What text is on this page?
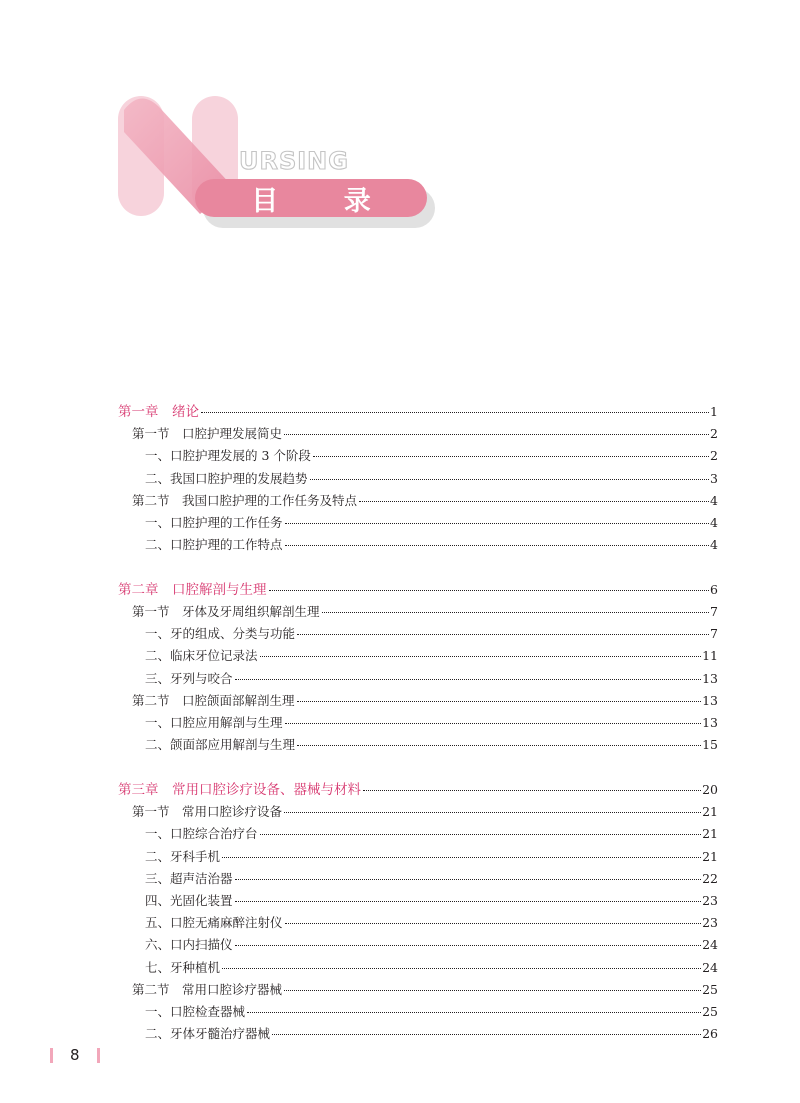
URSING
目 录
第一章　绪论	1
第一节　口腔护理发展简史	2
一、口腔护理发展的 3 个阶段	2
二、我国口腔护理的发展趋势	3
第二节　我国口腔护理的工作任务及特点	4
一、口腔护理的工作任务	4
二、口腔护理的工作特点	4
第二章　口腔解剖与生理	6
第一节　牙体及牙周组织解剖生理	7
一、牙的组成、分类与功能	7
二、临床牙位记录法	11
三、牙列与咬合	13
第二节　口腔颌面部解剖生理	13
一、口腔应用解剖与生理	13
二、颌面部应用解剖与生理	15
第三章　常用口腔诊疗设备、器械与材料	20
第一节　常用口腔诊疗设备	21
一、口腔综合治疗台	21
二、牙科手机	21
三、超声洁治器	22
四、光固化装置	23
五、口腔无痛麻醉注射仪	23
六、口内扫描仪	24
七、牙种植机	24
第二节　常用口腔诊疗器械	25
一、口腔检查器械	25
二、牙体牙髓治疗器械	26
8
